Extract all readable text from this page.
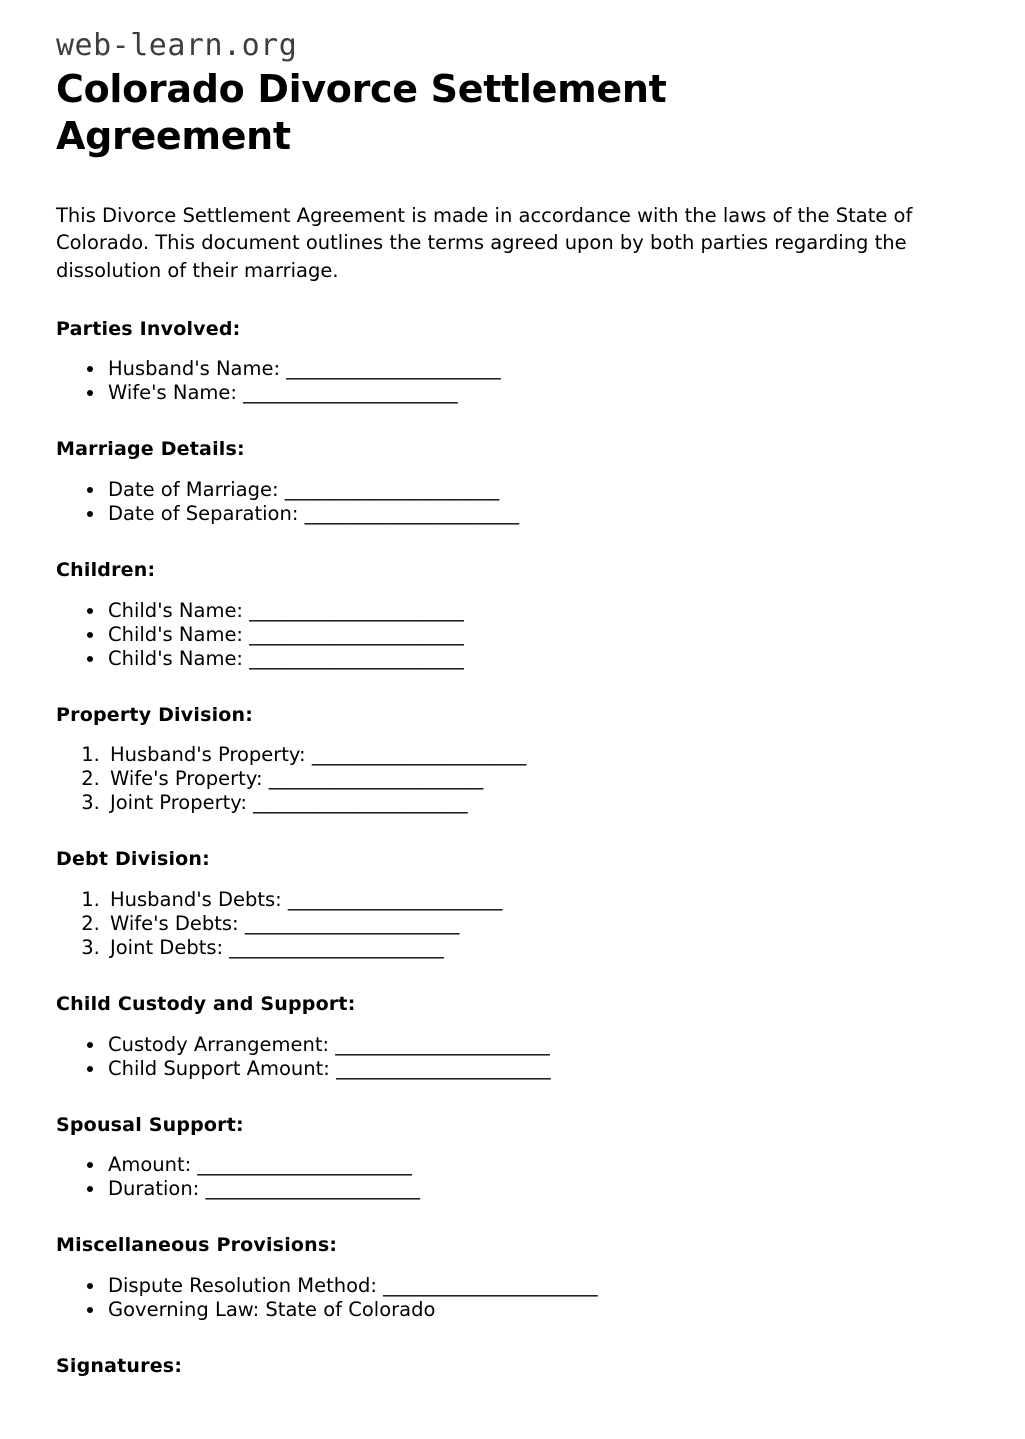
web-learn.org
Colorado Divorce Settlement Agreement

This Divorce Settlement Agreement is made in accordance with the laws of the State of Colorado. This document outlines the terms agreed upon by both parties regarding the dissolution of their marriage.

Parties Involved:
• Husband's Name: ______________________
• Wife's Name: ______________________
Marriage Details:
• Date of Marriage: ______________________
• Date of Separation: ______________________
Children:
• Child's Name: ______________________
• Child's Name: ______________________
• Child's Name: ______________________
Property Division:
1. Husband's Property: ______________________
2. Wife's Property: ______________________
3. Joint Property: ______________________
Debt Division:
1. Husband's Debts: ______________________
2. Wife's Debts: ______________________
3. Joint Debts: ______________________
Child Custody and Support:
• Custody Arrangement: ______________________
• Child Support Amount: ______________________
Spousal Support:
• Amount: ______________________
• Duration: ______________________
Miscellaneous Provisions:
• Dispute Resolution Method: ______________________
• Governing Law: State of Colorado
Signatures:
